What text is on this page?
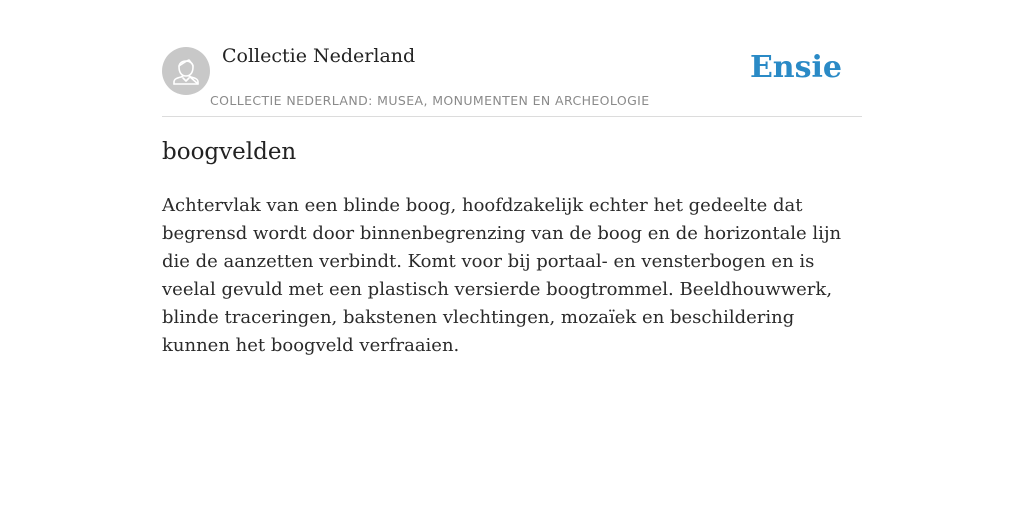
Collectie Nederland
COLLECTIE NEDERLAND: MUSEA, MONUMENTEN EN ARCHEOLOGIE
Ensie
boogvelden

Achtervlak van een blinde boog, hoofdzakelijk echter het gedeelte dat begrensd wordt door binnenbegrenzing van de boog en de horizontale lijn die de aanzetten verbindt. Komt voor bij portaal- en vensterbogen en is veelal gevuld met een plastisch versierde boogtrommel. Beeldhouwwerk, blinde traceringen, bakstenen vlechtingen, mozaïek en beschildering kunnen het boogveld verfraaien.
